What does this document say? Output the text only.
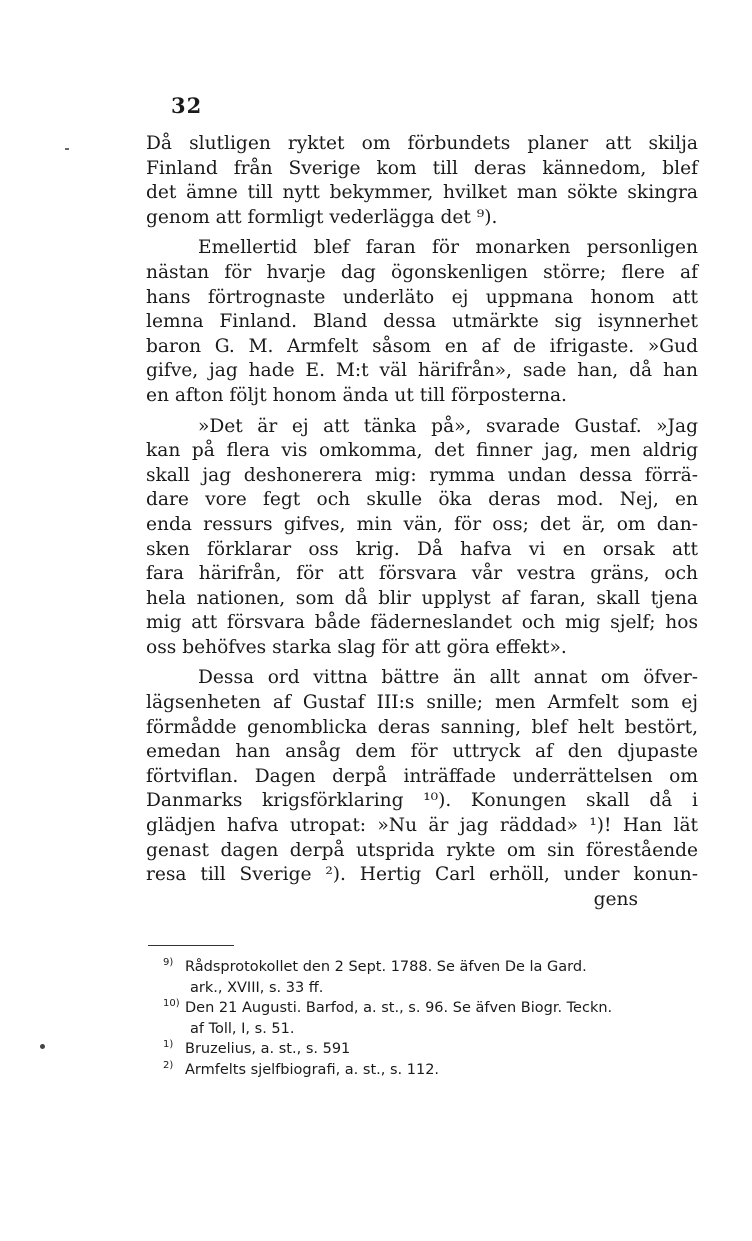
32
Då slutligen ryktet om förbundets planer att skilja
Finland från Sverige kom till deras kännedom, blef
det ämne till nytt bekymmer, hvilket man sökte skingra
genom att formligt vederlägga det ⁹).
Emellertid blef faran för monarken personligen
nästan för hvarje dag ögonskenligen större; flere af
hans förtrognaste underläto ej uppmana honom att
lemna Finland. Bland dessa utmärkte sig isynnerhet
baron G. M. Armfelt såsom en af de ifrigaste. »Gud
gifve, jag hade E. M:t väl härifrån», sade han, då han
en afton följt honom ända ut till förposterna.
»Det är ej att tänka på», svarade Gustaf. »Jag
kan på flera vis omkomma, det finner jag, men aldrig
skall jag deshonerera mig: rymma undan dessa förrä-
dare vore fegt och skulle öka deras mod. Nej, en
enda ressurs gifves, min vän, för oss; det är, om dan-
sken förklarar oss krig. Då hafva vi en orsak att
fara härifrån, för att försvara vår vestra gräns, och
hela nationen, som då blir upplyst af faran, skall tjena
mig att försvara både fäderneslandet och mig sjelf; hos
oss behöfves starka slag för att göra effekt».
Dessa ord vittna bättre än allt annat om öfver-
lägsenheten af Gustaf III:s snille; men Armfelt som ej
förmådde genomblicka deras sanning, blef helt bestört,
emedan han ansåg dem för uttryck af den djupaste
förtviflan. Dagen derpå inträffade underrättelsen om
Danmarks krigsförklaring ¹⁰). Konungen skall då i
glädjen hafva utropat: »Nu är jag räddad» ¹)! Han lät
genast dagen derpå utsprida rykte om sin förestående
resa till Sverige ²). Hertig Carl erhöll, under konun-
gens
9) Rådsprotokollet den 2 Sept. 1788. Se äfven De la Gard.
ark., XVIII, s. 33 ff.
10) Den 21 Augusti. Barfod, a. st., s. 96. Se äfven Biogr. Teckn.
af Toll, I, s. 51.
1) Bruzelius, a. st., s. 591
2) Armfelts sjelfbiografi, a. st., s. 112.
